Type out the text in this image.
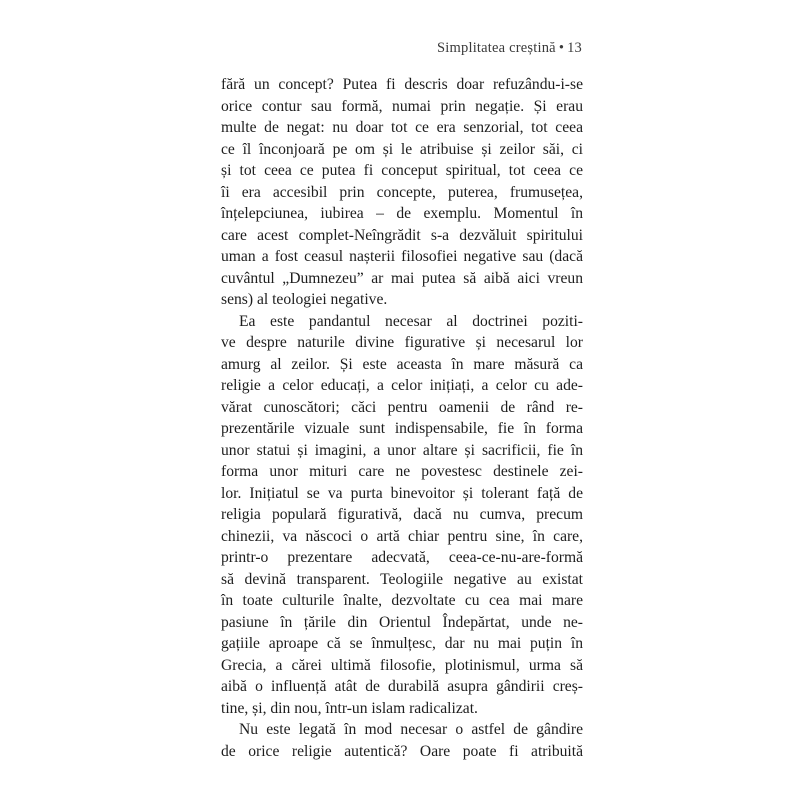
Simplitatea creștină • 13
fără un concept? Putea fi descris doar refuzându-i-se
orice contur sau formă, numai prin negație. Și erau
multe de negat: nu doar tot ce era senzorial, tot ceea
ce îl înconjoară pe om și le atribuise și zeilor săi, ci
și tot ceea ce putea fi conceput spiritual, tot ceea ce
îi era accesibil prin concepte, puterea, frumusețea,
înțelepciunea, iubirea – de exemplu. Momentul în
care acest complet-Neîngrădit s-a dezvăluit spiritului
uman a fost ceasul nașterii filosofiei negative sau (dacă
cuvântul „Dumnezeu” ar mai putea să aibă aici vreun
sens) al teologiei negative.
Ea este pandantul necesar al doctrinei poziti-
ve despre naturile divine figurative și necesarul lor
amurg al zeilor. Și este aceasta în mare măsură ca
religie a celor educați, a celor inițiați, a celor cu ade-
vărat cunoscători; căci pentru oamenii de rând re-
prezentările vizuale sunt indispensabile, fie în forma
unor statui și imagini, a unor altare și sacrificii, fie în
forma unor mituri care ne povestesc destinele zei-
lor. Inițiatul se va purta binevoitor și tolerant față de
religia populară figurativă, dacă nu cumva, precum
chinezii, va născoci o artă chiar pentru sine, în care,
printr-o prezentare adecvată, ceea-ce-nu-are-formă
să devină transparent. Teologiile negative au existat
în toate culturile înalte, dezvoltate cu cea mai mare
pasiune în țările din Orientul Îndepărtat, unde ne-
gațiile aproape că se înmulțesc, dar nu mai puțin în
Grecia, a cărei ultimă filosofie, plotinismul, urma să
aibă o influență atât de durabilă asupra gândirii creș-
tine, și, din nou, într-un islam radicalizat.
Nu este legată în mod necesar o astfel de gândire
de orice religie autentică? Oare poate fi atribuită
